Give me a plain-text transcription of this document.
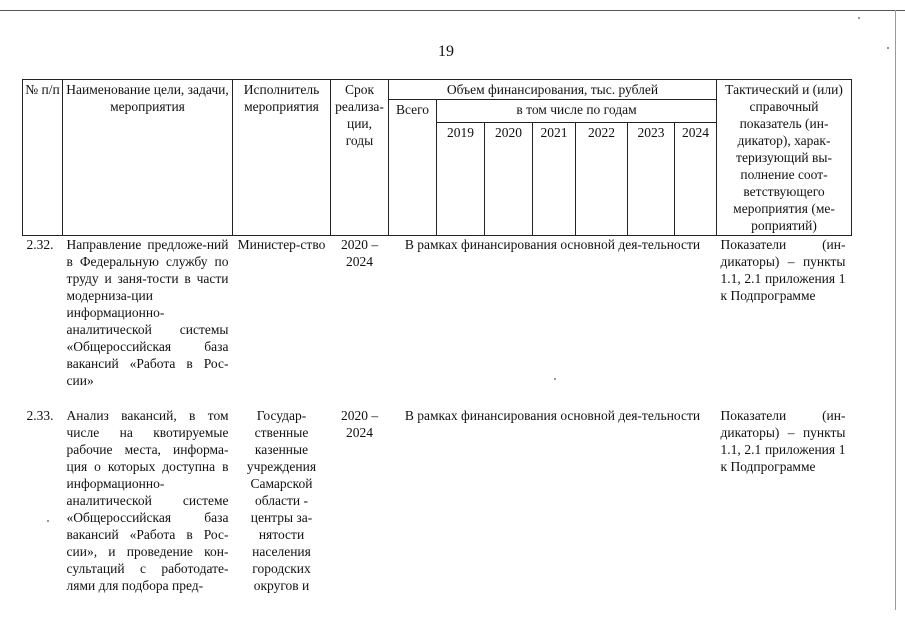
19
№ п/п	Наименование цели, задачи, мероприятия	Исполнитель мероприятия	Срок реализа-ции, годы	Объем финансирования, тыс. рублей							Тактический и (или) справочный показатель (ин-дикатор), харак-теризующий вы-полнение соот-ветствующего мероприятия (ме-роприятий)
				Всего	в том числе по годам						
					2019	2020	2021	2022	2023	2024	
2.32.	Направление предложе-ний в Федеральную службу по труду и заня-тости в части модерниза-ции информационно-аналитической системы «Общероссийская база вакансий «Работа в Рос-сии»	Министер-ство	2020 – 2024	В рамках финансирования основной дея-тельности							Показатели (ин-дикаторы) – пункты 1.1, 2.1 приложения 1 к Подпрограмме

2.33.	Анализ вакансий, в том числе на квотируемые рабочие места, информа-ция о которых доступна в информационно-аналитической системе «Общероссийская база вакансий «Работа в Рос-сии», и проведение кон-сультаций с работодате-лями для подбора пред-	Государ-ственные казенные учреждения Самарской области - центры за-нятости населения городских округов и	2020 – 2024	В рамках финансирования основной дея-тельности							Показатели (ин-дикаторы) – пункты 1.1, 2.1 приложения 1 к Подпрограмме
